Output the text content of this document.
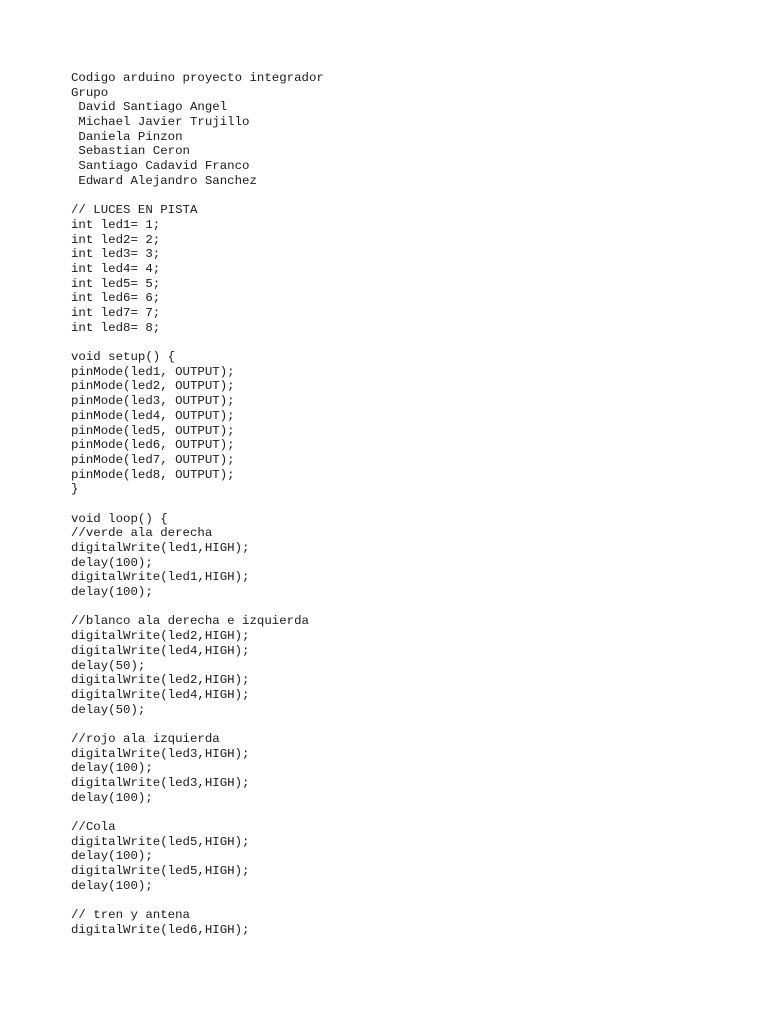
Codigo arduino proyecto integrador
Grupo
David Santiago Angel
Michael Javier Trujillo
Daniela Pinzon
Sebastian Ceron
Santiago Cadavid Franco
Edward Alejandro Sanchez
// LUCES EN PISTA
int led1= 1;
int led2= 2;
int led3= 3;
int led4= 4;
int led5= 5;
int led6= 6;
int led7= 7;
int led8= 8;
void setup() {
pinMode(led1, OUTPUT);
pinMode(led2, OUTPUT);
pinMode(led3, OUTPUT);
pinMode(led4, OUTPUT);
pinMode(led5, OUTPUT);
pinMode(led6, OUTPUT);
pinMode(led7, OUTPUT);
pinMode(led8, OUTPUT);
}
void loop() {
//verde ala derecha
digitalWrite(led1,HIGH);
delay(100);
digitalWrite(led1,HIGH);
delay(100);
//blanco ala derecha e izquierda
digitalWrite(led2,HIGH);
digitalWrite(led4,HIGH);
delay(50);
digitalWrite(led2,HIGH);
digitalWrite(led4,HIGH);
delay(50);
//rojo ala izquierda
digitalWrite(led3,HIGH);
delay(100);
digitalWrite(led3,HIGH);
delay(100);
//Cola
digitalWrite(led5,HIGH);
delay(100);
digitalWrite(led5,HIGH);
delay(100);
// tren y antena
digitalWrite(led6,HIGH);
